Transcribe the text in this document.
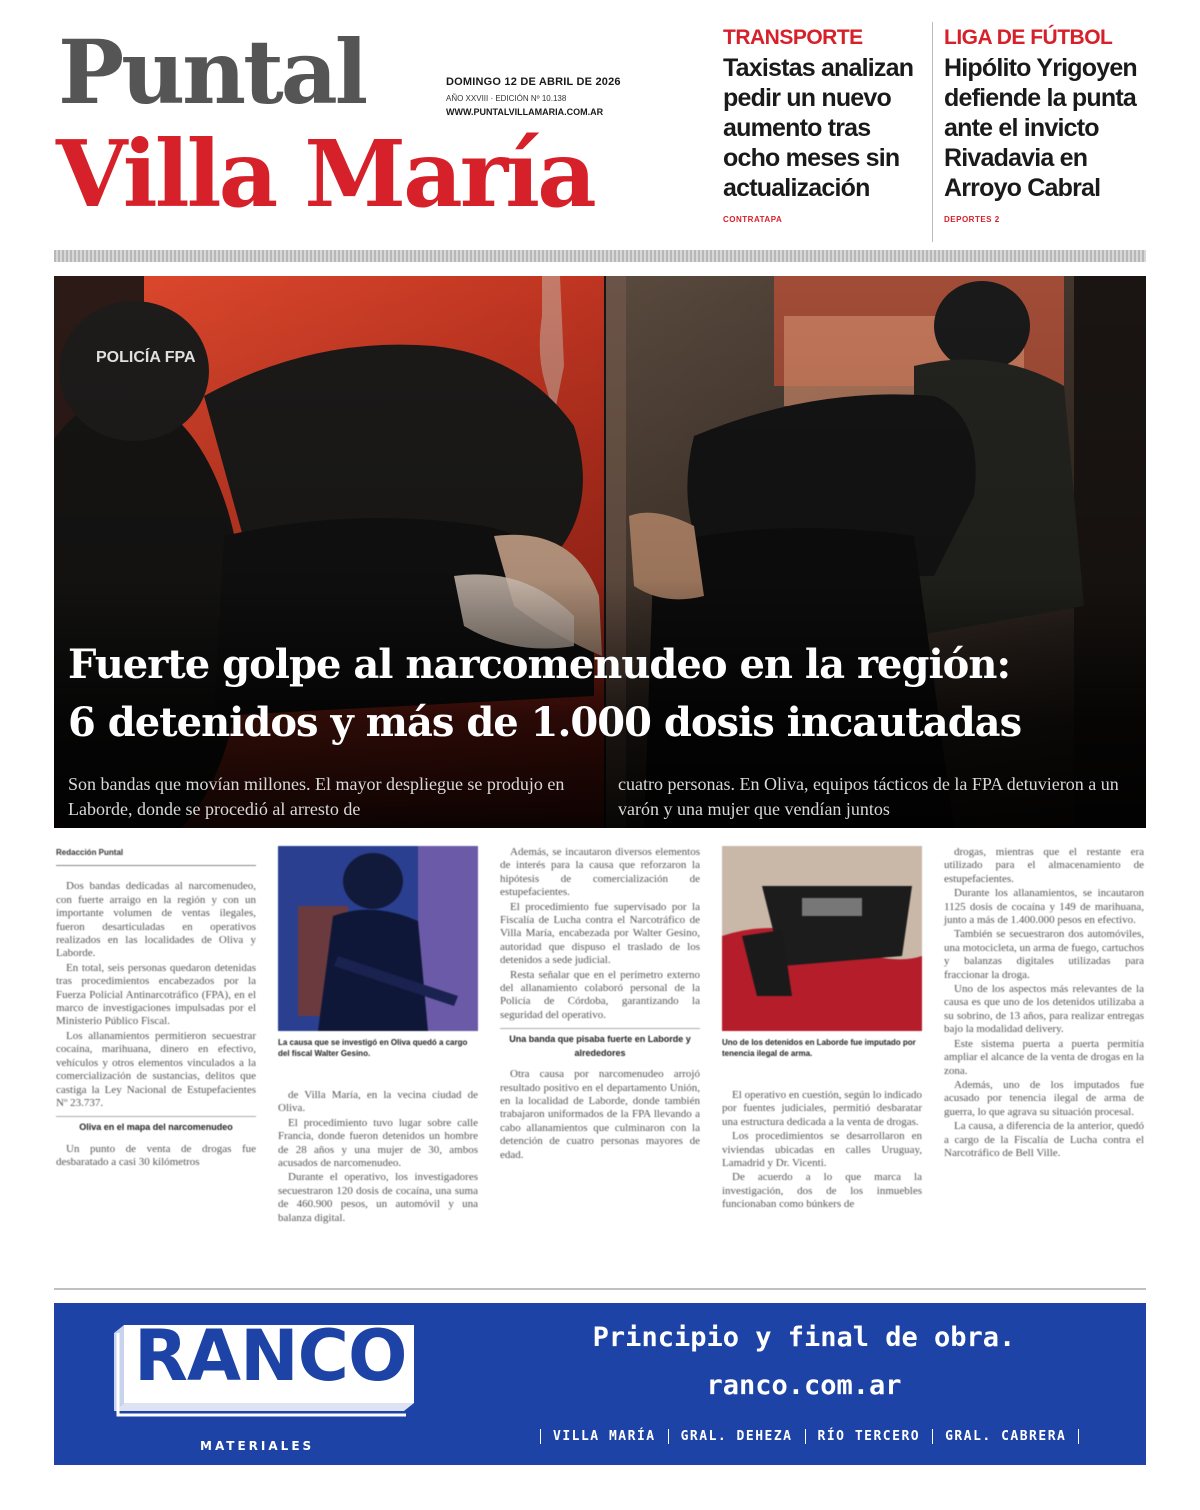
Puntal
Villa María
DOMINGO 12 DE ABRIL DE 2026
AÑO XXVIII · EDICIÓN Nº 10.138
WWW.PUNTALVILLAMARIA.COM.AR
TRANSPORTE
Taxistas analizan pedir un nuevo aumento tras ocho meses sin actualización
CONTRATAPA
LIGA DE FÚTBOL
Hipólito Yrigoyen defiende la punta ante el invicto Rivadavia en Arroyo Cabral
DEPORTES 2
Fuerte golpe al narcomenudeo en la región:
6 detenidos y más de 1.000 dosis incautadas
Son bandas que movían millones. El mayor despliegue se produjo en Laborde, donde se procedió al arresto de
cuatro personas. En Oliva, equipos tácticos de la FPA detuvieron a un varón y una mujer que vendían juntos
Redacción Puntal

Dos bandas dedicadas al narcomenudeo, con fuerte arraigo en la región y con un importante volumen de ventas ilegales, fueron desarticuladas en operativos realizados en las localidades de Oliva y Laborde.

En total, seis personas quedaron detenidas tras procedimientos encabezados por la Fuerza Policial Antinarcotráfico (FPA), en el marco de investigaciones impulsadas por el Ministerio Público Fiscal.

Los allanamientos permitieron secuestrar cocaína, marihuana, dinero en efectivo, vehículos y otros elementos vinculados a la comercialización de sustancias, delitos que castiga la Ley Nacional de Estupefacientes Nº 23.737.

Oliva en el mapa del narcomenudeo

Un punto de venta de drogas fue desbaratado a casi 30 kilómetros

La causa que se investigó en Oliva quedó a cargo del fiscal Walter Gesino.

de Villa María, en la vecina ciudad de Oliva.

El procedimiento tuvo lugar sobre calle Francia, donde fueron detenidos un hombre de 28 años y una mujer de 30, ambos acusados de narcomenudeo.

Durante el operativo, los investigadores secuestraron 120 dosis de cocaína, una suma de 460.900 pesos, un automóvil y una balanza digital.

Además, se incautaron diversos elementos de interés para la causa que reforzaron la hipótesis de comercialización de estupefacientes.

El procedimiento fue supervisado por la Fiscalía de Lucha contra el Narcotráfico de Villa María, encabezada por Walter Gesino, autoridad que dispuso el traslado de los detenidos a sede judicial.

Resta señalar que en el perímetro externo del allanamiento colaboró personal de la Policía de Córdoba, garantizando la seguridad del operativo.

Una banda que pisaba fuerte en Laborde y alrededores

Otra causa por narcomenudeo arrojó resultado positivo en el departamento Unión, en la localidad de Laborde, donde también trabajaron uniformados de la FPA llevando a cabo allanamientos que culminaron con la detención de cuatro personas mayores de edad.

Uno de los detenidos en Laborde fue imputado por tenencia ilegal de arma.

El operativo en cuestión, según lo indicado por fuentes judiciales, permitió desbaratar una estructura dedicada a la venta de drogas.

Los procedimientos se desarrollaron en viviendas ubicadas en calles Uruguay, Lamadrid y Dr. Vicenti.

De acuerdo a lo que marca la investigación, dos de los inmuebles funcionaban como búnkers de

drogas, mientras que el restante era utilizado para el almacenamiento de estupefacientes.

Durante los allanamientos, se incautaron 1125 dosis de cocaína y 149 de marihuana, junto a más de 1.400.000 pesos en efectivo.

También se secuestraron dos automóviles, una motocicleta, un arma de fuego, cartuchos y balanzas digitales utilizadas para fraccionar la droga.

Uno de los aspectos más relevantes de la causa es que uno de los detenidos utilizaba a su sobrino, de 13 años, para realizar entregas bajo la modalidad delivery.

Este sistema puerta a puerta permitía ampliar el alcance de la venta de drogas en la zona.

Además, uno de los imputados fue acusado por tenencia ilegal de arma de guerra, lo que agrava su situación procesal.

La causa, a diferencia de la anterior, quedó a cargo de la Fiscalía de Lucha contra el Narcotráfico de Bell Ville.

RANCO
MATERIALES
Principio y final de obra.
ranco.com.ar
VILLA MARÍA	GRAL. DEHEZA	RÍO TERCERO	GRAL. CABRERA
